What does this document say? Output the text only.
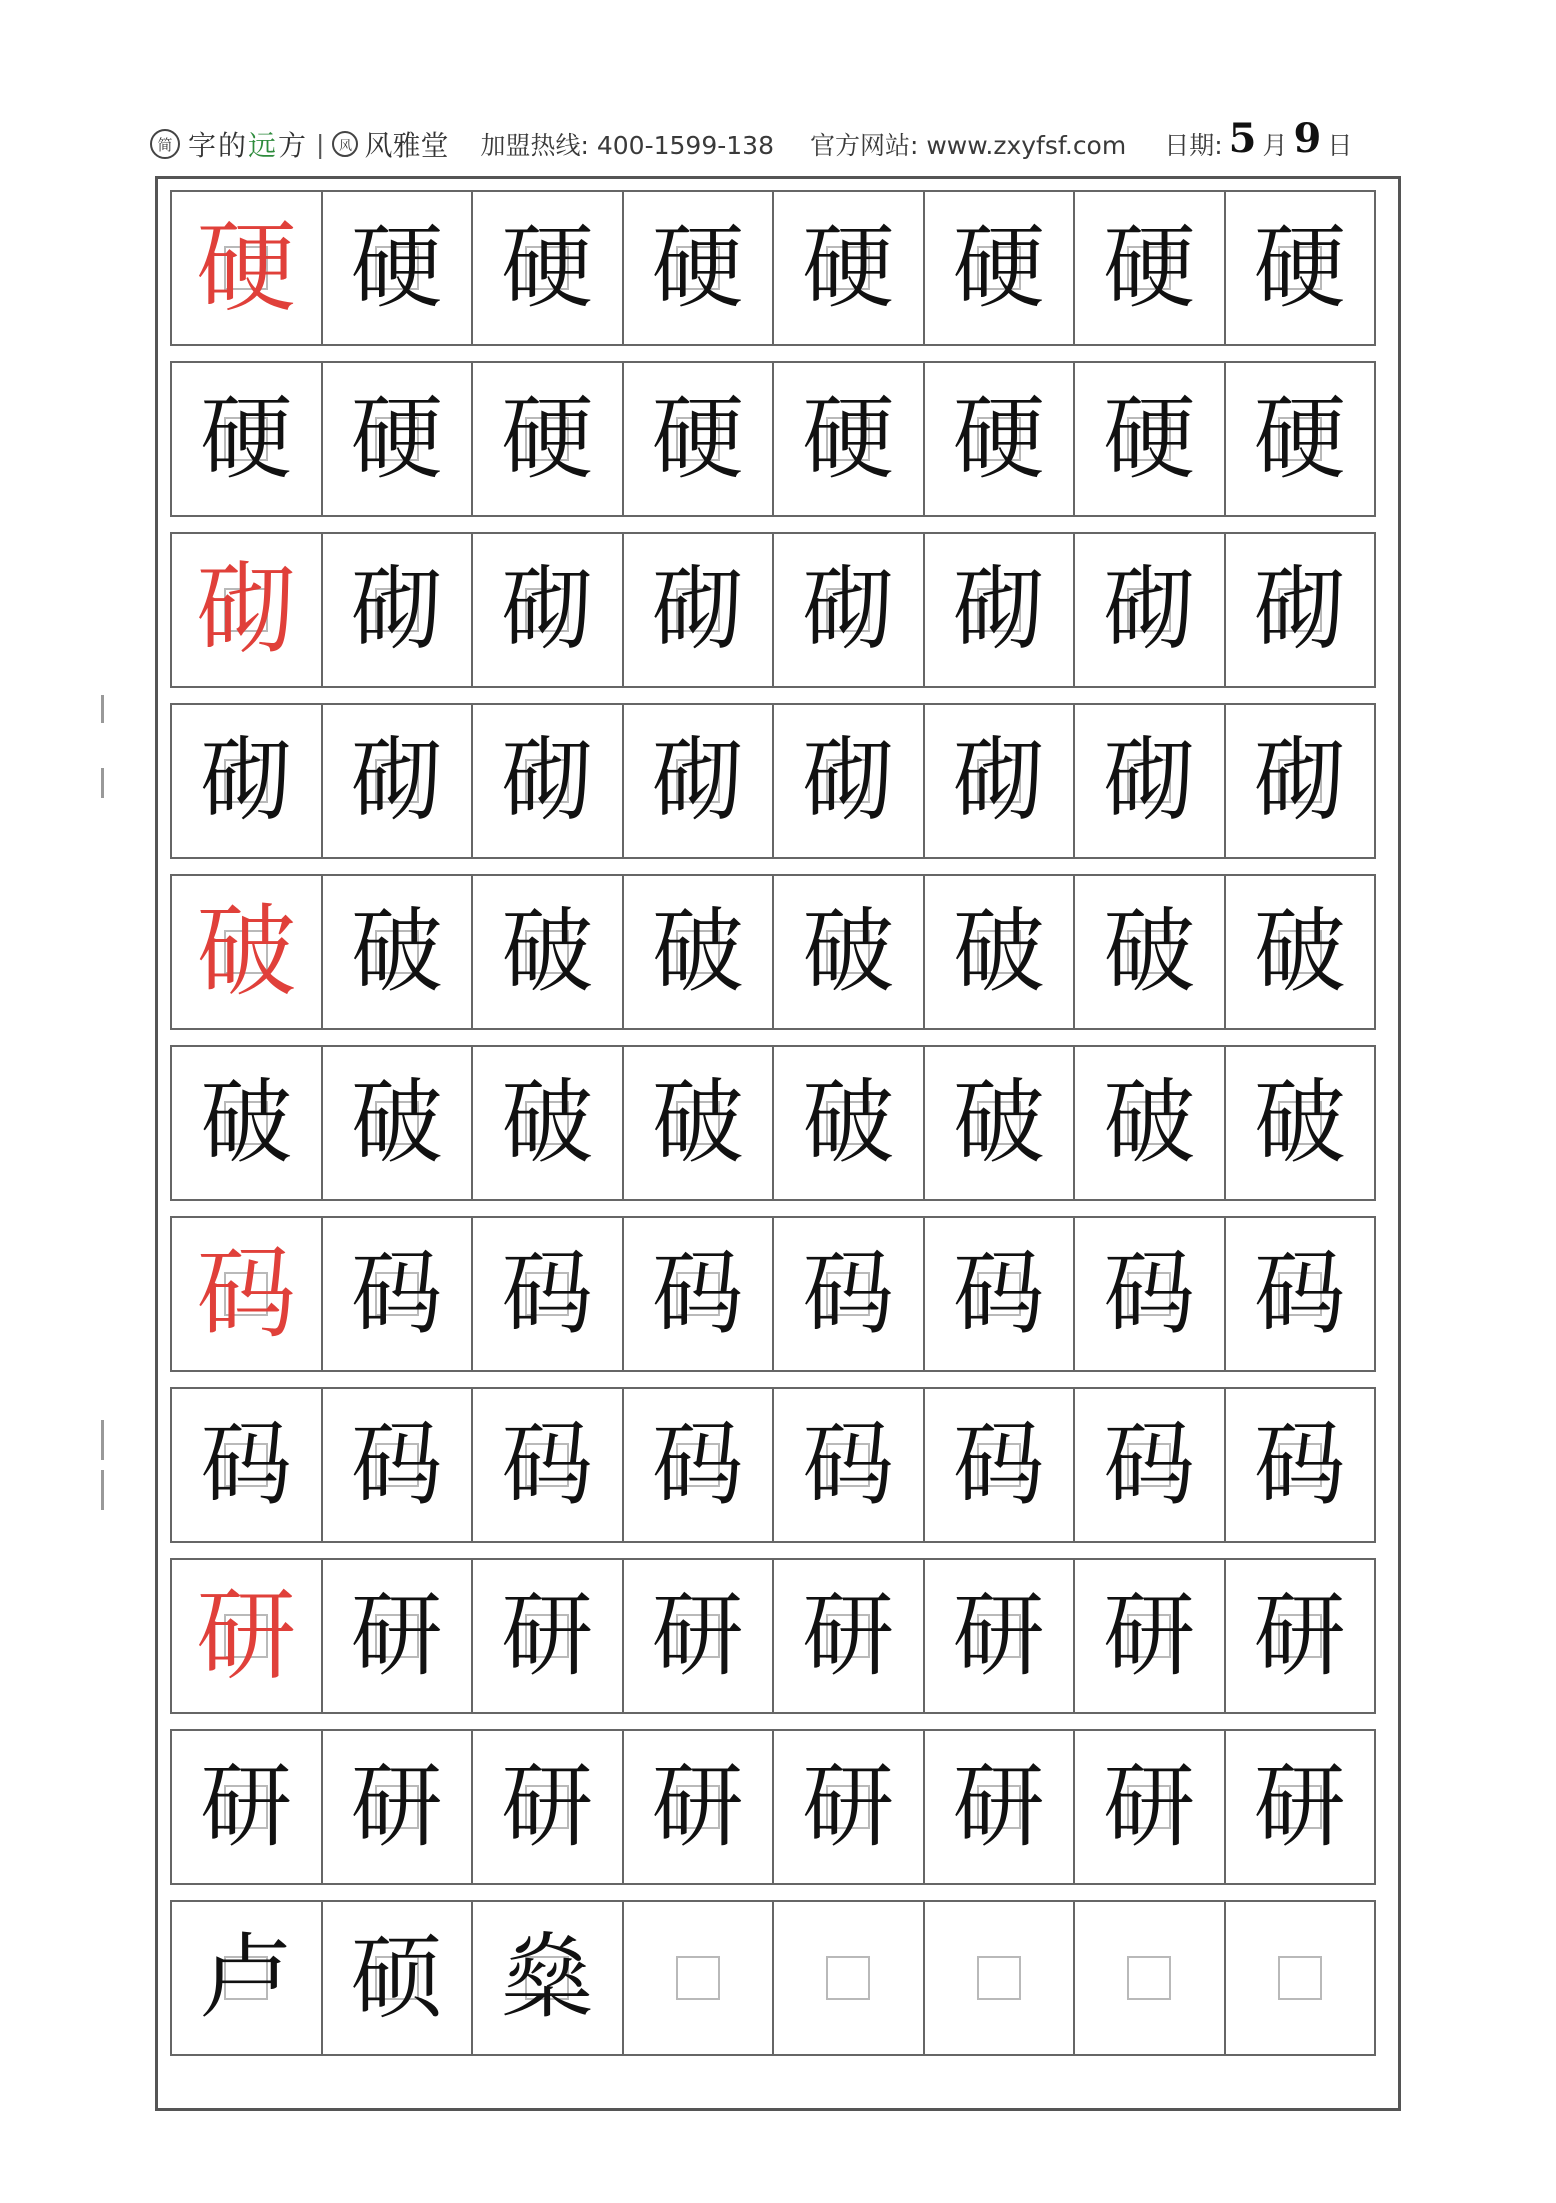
简 字的远方 |	风 风雅堂 加盟热线: 400-1599-138 官方网站: www.zxyfsf.com 日期: 5 月 9 日
硬 硬 硬 硬 硬 硬 硬 硬
硬 硬 硬 硬 硬 硬 硬 硬
砌 砌 砌 砌 砌 砌 砌 砌
砌 砌 砌 砌 砌 砌 砌 砌
破 破 破 破 破 破 破 破
破 破 破 破 破 破 破 破
码 码 码 码 码 码 码 码
码 码 码 码 码 码 码 码
研 研 研 研 研 研 研 研
研 研 研 研 研 研 研 研
卢 硕 燊
